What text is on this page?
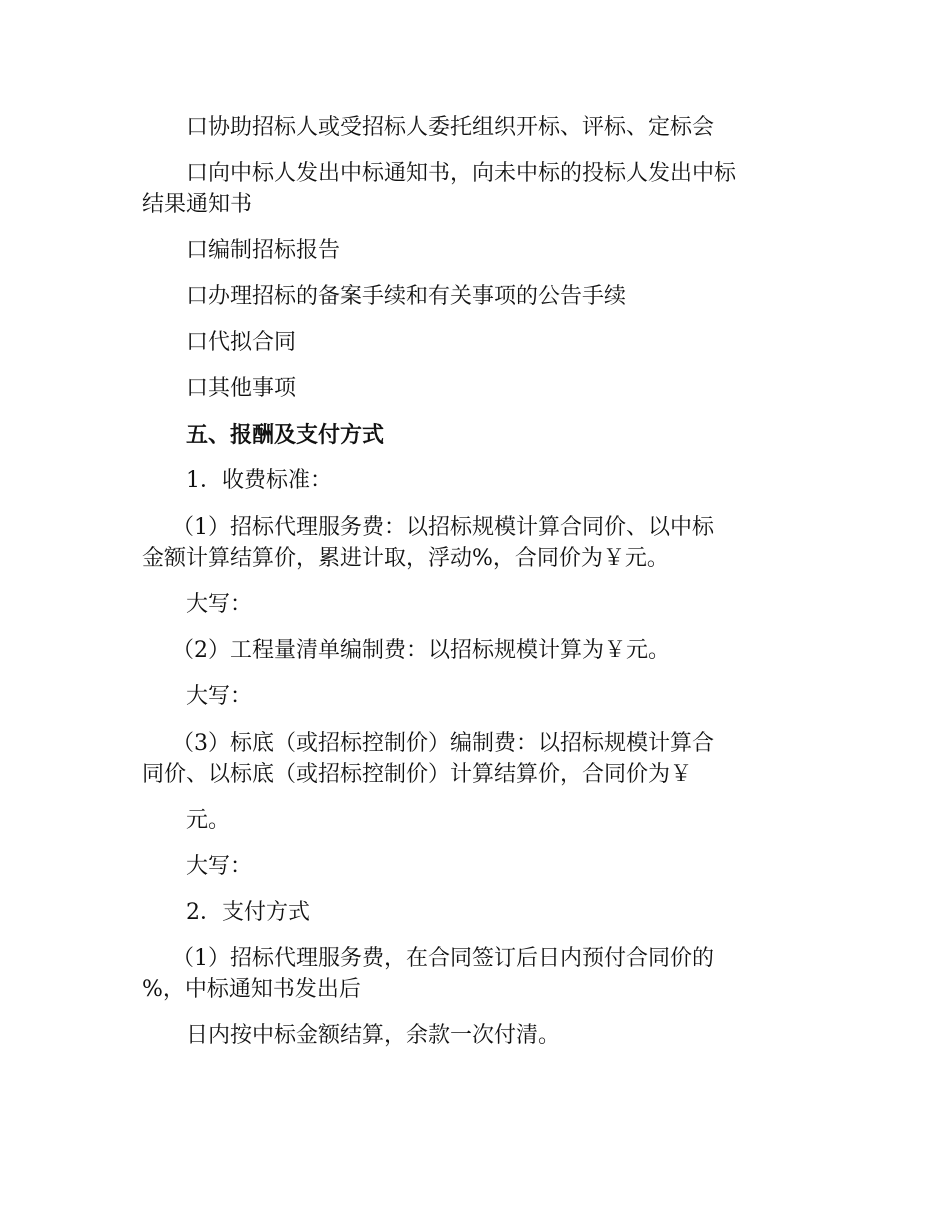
口协助招标人或受招标人委托组织开标、评标、定标会
口向中标人发出中标通知书，向未中标的投标人发出中标
结果通知书
口编制招标报告
口办理招标的备案手续和有关事项的公告手续
口代拟合同
口其他事项
五、报酬及支付方式
1．收费标准：
（1）招标代理服务费：以招标规模计算合同价、以中标
金额计算结算价，累进计取，浮动%，合同价为￥元。
大写：
（2）工程量清单编制费：以招标规模计算为￥元。
大写：
（3）标底（或招标控制价）编制费：以招标规模计算合
同价、以标底（或招标控制价）计算结算价，合同价为￥
元。
大写：
2．支付方式
（1）招标代理服务费，在合同签订后日内预付合同价的
%，中标通知书发出后
日内按中标金额结算，余款一次付清。
